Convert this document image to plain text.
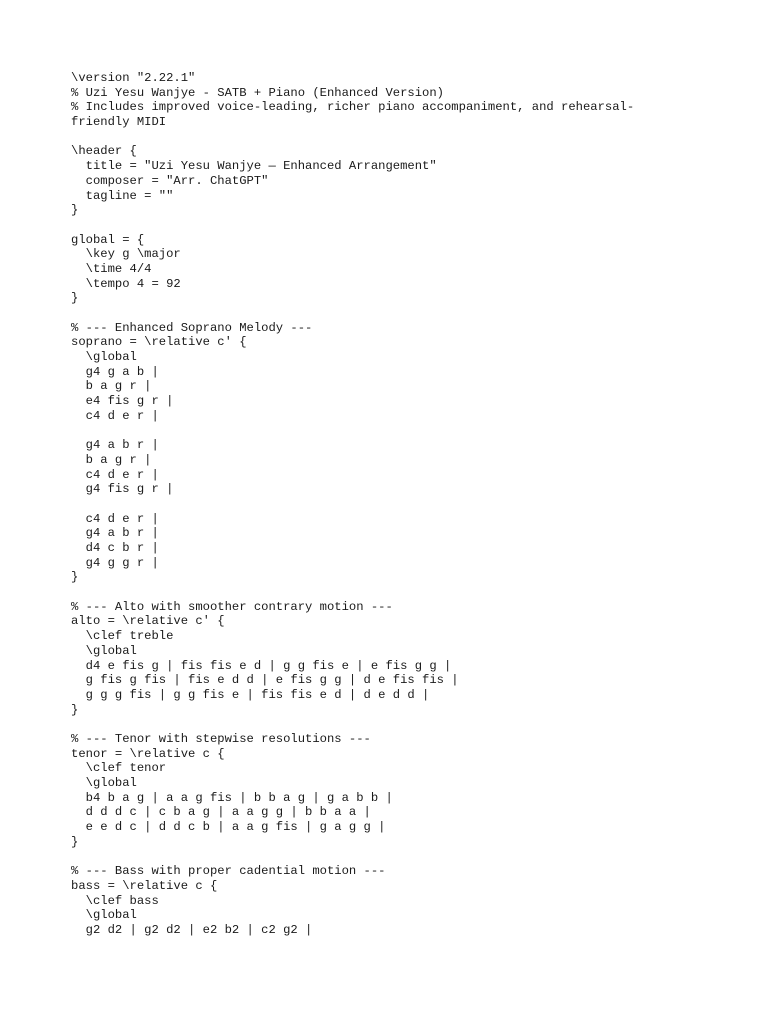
\version "2.22.1"
% Uzi Yesu Wanjye - SATB + Piano (Enhanced Version)
% Includes improved voice-leading, richer piano accompaniment, and rehearsal-
friendly MIDI
\header {
title = "Uzi Yesu Wanjye — Enhanced Arrangement"
composer = "Arr. ChatGPT"
tagline = ""
}
global = {
\key g \major
\time 4/4
\tempo 4 = 92
}
% --- Enhanced Soprano Melody ---
soprano = \relative c' {
\global
g4 g a b |
b a g r |
e4 fis g r |
c4 d e r |
g4 a b r |
b a g r |
c4 d e r |
g4 fis g r |
c4 d e r |
g4 a b r |
d4 c b r |
g4 g g r |
}
% --- Alto with smoother contrary motion ---
alto = \relative c' {
\clef treble
\global
d4 e fis g | fis fis e d | g g fis e | e fis g g |
g fis g fis | fis e d d | e fis g g | d e fis fis |
g g g fis | g g fis e | fis fis e d | d e d d |
}
% --- Tenor with stepwise resolutions ---
tenor = \relative c {
\clef tenor
\global
b4 b a g | a a g fis | b b a g | g a b b |
d d d c | c b a g | a a g g | b b a a |
e e d c | d d c b | a a g fis | g a g g |
}
% --- Bass with proper cadential motion ---
bass = \relative c {
\clef bass
\global
g2 d2 | g2 d2 | e2 b2 | c2 g2 |
